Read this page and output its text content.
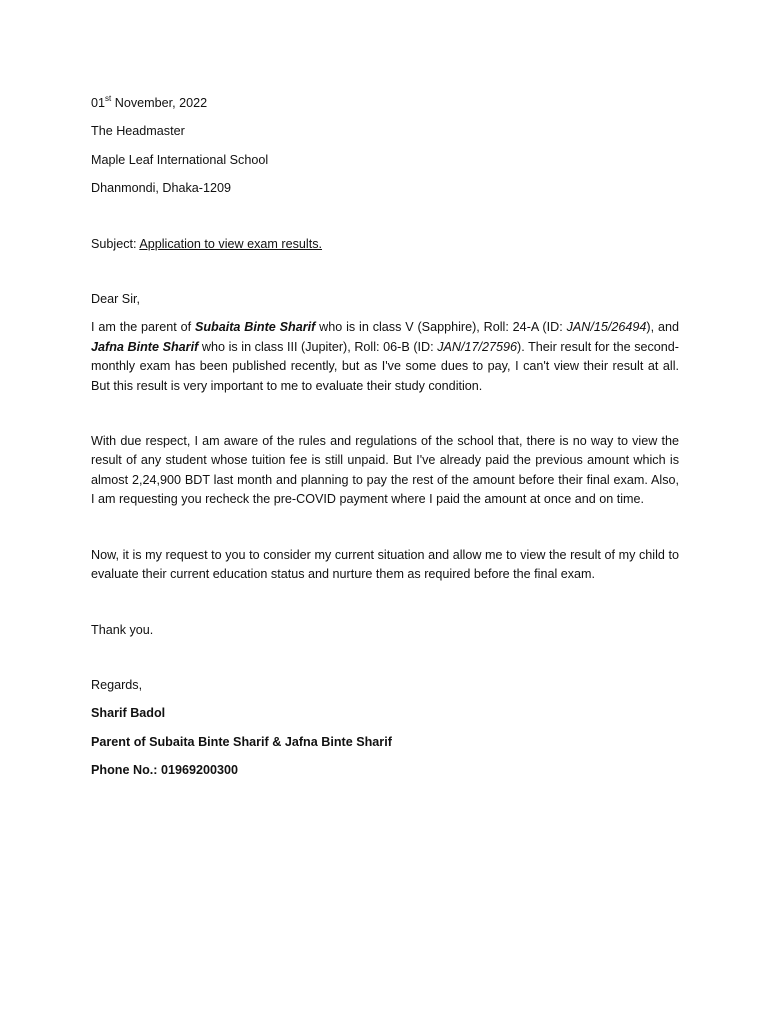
01st November, 2022

The Headmaster

Maple Leaf International School

Dhanmondi, Dhaka-1209

Subject: Application to view exam results.

Dear Sir,

I am the parent of Subaita Binte Sharif who is in class V (Sapphire), Roll: 24-A (ID: JAN/15/26494), and Jafna Binte Sharif who is in class III (Jupiter), Roll: 06-B (ID: JAN/17/27596). Their result for the second-monthly exam has been published recently, but as I've some dues to pay, I can't view their result at all. But this result is very important to me to evaluate their study condition.

With due respect, I am aware of the rules and regulations of the school that, there is no way to view the result of any student whose tuition fee is still unpaid. But I've already paid the previous amount which is almost 2,24,900 BDT last month and planning to pay the rest of the amount before their final exam. Also, I am requesting you recheck the pre-COVID payment where I paid the amount at once and on time.

Now, it is my request to you to consider my current situation and allow me to view the result of my child to evaluate their current education status and nurture them as required before the final exam.

Thank you.

Regards,

Sharif Badol

Parent of Subaita Binte Sharif & Jafna Binte Sharif

Phone No.: 01969200300
